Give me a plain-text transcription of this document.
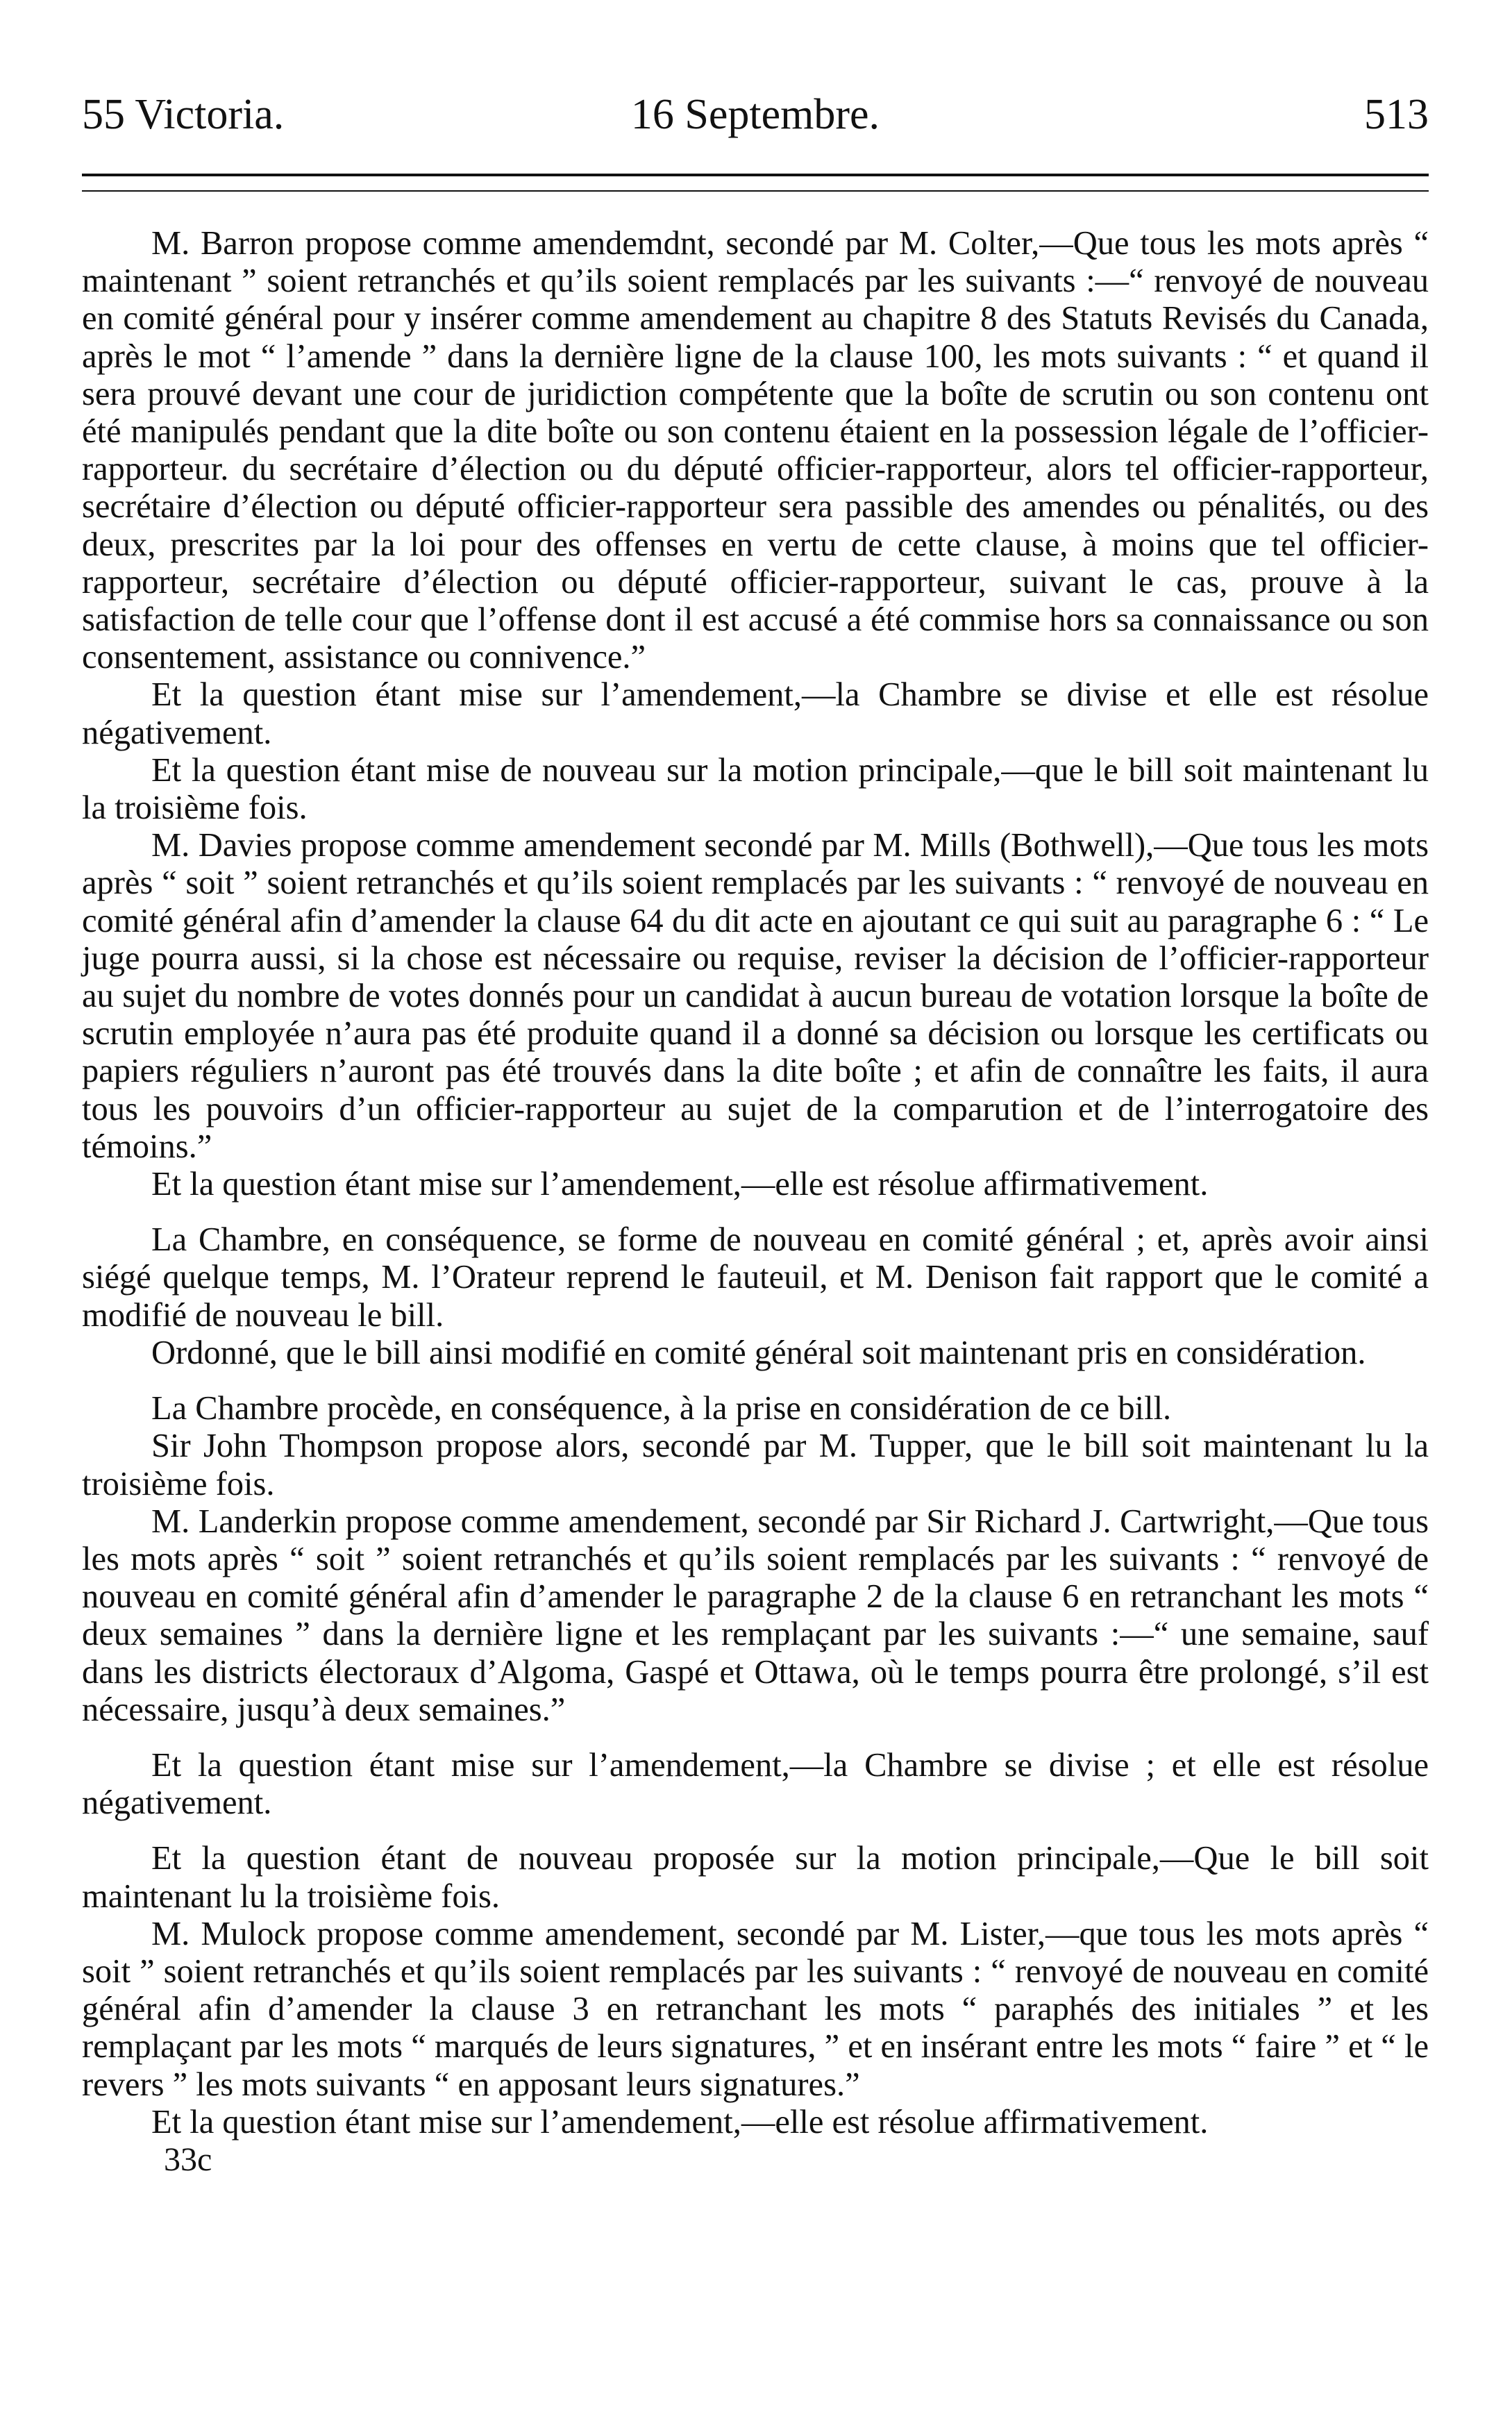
55 Victoria.	16 Septembre.	513

M. Barron propose comme amendemdnt, secondé par M. Colter,—Que tous les mots après “ maintenant ” soient retranchés et qu’ils soient remplacés par les suivants :—“ renvoyé de nouveau en comité général pour y insérer comme amendement au chapitre 8 des Statuts Revisés du Canada, après le mot “ l’amende ” dans la dernière ligne de la clause 100, les mots suivants : “ et quand il sera prouvé devant une cour de juridiction compétente que la boîte de scrutin ou son contenu ont été manipulés pendant que la dite boîte ou son contenu étaient en la possession légale de l’officier-rapporteur. du secrétaire d’élection ou du député officier-rapporteur, alors tel officier-rapporteur, secrétaire d’élection ou député officier-rapporteur sera passible des amendes ou pénalités, ou des deux, prescrites par la loi pour des offenses en vertu de cette clause, à moins que tel officier-rapporteur, secrétaire d’élection ou député officier-rapporteur, suivant le cas, prouve à la satisfaction de telle cour que l’offense dont il est accusé a été commise hors sa connaissance ou son consentement, assistance ou connivence.”

Et la question étant mise sur l’amendement,—la Chambre se divise et elle est résolue négativement.

Et la question étant mise de nouveau sur la motion principale,—que le bill soit maintenant lu la troisième fois.

M. Davies propose comme amendement secondé par M. Mills (Bothwell),—Que tous les mots après “ soit ” soient retranchés et qu’ils soient remplacés par les suivants : “ renvoyé de nouveau en comité général afin d’amender la clause 64 du dit acte en ajoutant ce qui suit au paragraphe 6 : “ Le juge pourra aussi, si la chose est nécessaire ou requise, reviser la décision de l’officier-rapporteur au sujet du nombre de votes donnés pour un candidat à aucun bureau de votation lorsque la boîte de scrutin employée n’aura pas été produite quand il a donné sa décision ou lorsque les certificats ou papiers réguliers n’auront pas été trouvés dans la dite boîte ; et afin de connaître les faits, il aura tous les pouvoirs d’un officier-rapporteur au sujet de la comparution et de l’interrogatoire des témoins.”

Et la question étant mise sur l’amendement,—elle est résolue affirmativement.

La Chambre, en conséquence, se forme de nouveau en comité général ; et, après avoir ainsi siégé quelque temps, M. l’Orateur reprend le fauteuil, et M. Denison fait rapport que le comité a modifié de nouveau le bill.

Ordonné, que le bill ainsi modifié en comité général soit maintenant pris en considération.

La Chambre procède, en conséquence, à la prise en considération de ce bill.

Sir John Thompson propose alors, secondé par M. Tupper, que le bill soit maintenant lu la troisième fois.

M. Landerkin propose comme amendement, secondé par Sir Richard J. Cartwright,—Que tous les mots après “ soit ” soient retranchés et qu’ils soient remplacés par les suivants : “ renvoyé de nouveau en comité général afin d’amender le paragraphe 2 de la clause 6 en retranchant les mots “ deux semaines ” dans la dernière ligne et les remplaçant par les suivants :—“ une semaine, sauf dans les districts électoraux d’Algoma, Gaspé et Ottawa, où le temps pourra être prolongé, s’il est nécessaire, jusqu’à deux semaines.”

Et la question étant mise sur l’amendement,—la Chambre se divise ; et elle est résolue négativement.

Et la question étant de nouveau proposée sur la motion principale,—Que le bill soit maintenant lu la troisième fois.

M. Mulock propose comme amendement, secondé par M. Lister,—que tous les mots après “ soit ” soient retranchés et qu’ils soient remplacés par les suivants : “ renvoyé de nouveau en comité général afin d’amender la clause 3 en retranchant les mots “ paraphés des initiales ” et les remplaçant par les mots “ marqués de leurs signatures, ” et en insérant entre les mots “ faire ” et “ le revers ” les mots suivants “ en apposant leurs signatures.”

Et la question étant mise sur l’amendement,—elle est résolue affirmativement.

33c
